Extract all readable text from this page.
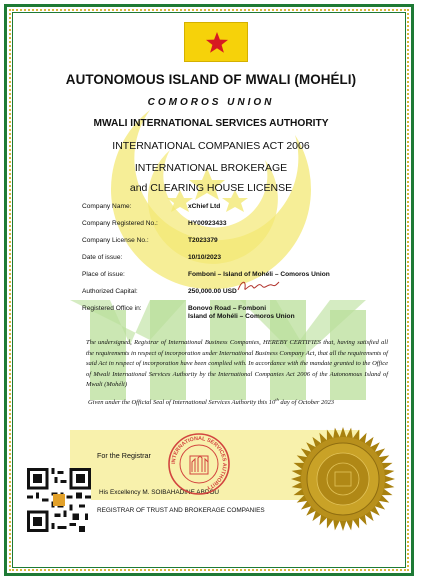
AUTONOMOUS ISLAND OF MWALI (MOHÉLI)
COMOROS UNION
MWALI INTERNATIONAL SERVICES AUTHORITY
INTERNATIONAL COMPANIES ACT 2006
INTERNATIONAL BROKERAGE
and CLEARING HOUSE LICENSE
Company Name:	xChief Ltd
Company Registered No.:	HY00923433
Company License No.:	T2023379
Date of issue:	10/10/2023
Place of issue:	Fomboni – Island of Mohéli – Comoros Union
Authorized Capital:	250,000.00 USD
Registered Office in:	Bonovo Road – Fomboni
Island of Mohéli – Comoros Union
The undersigned, Registrar of International Business Companies, HEREBY CERTIFIES that, having satisfied all the requirements in respect of incorporation under International Business Company Act, that all the requirements of said Act in respect of incorporation have been complied with. In accordance with the mandate granted to the Office of Mwali International Services Authority by the International Companies Act 2006 of the Autonomous Island of Mwali (Mohéli)
Given under the Official Seal of International Services Authority this 10th day of October 2023
For the Registrar
His Excellency M. SOIBAHADINE ABDOU
REGISTRAR OF TRUST AND BROKERAGE COMPANIES
INTERNATIONAL SERVICES AUTHORITY
